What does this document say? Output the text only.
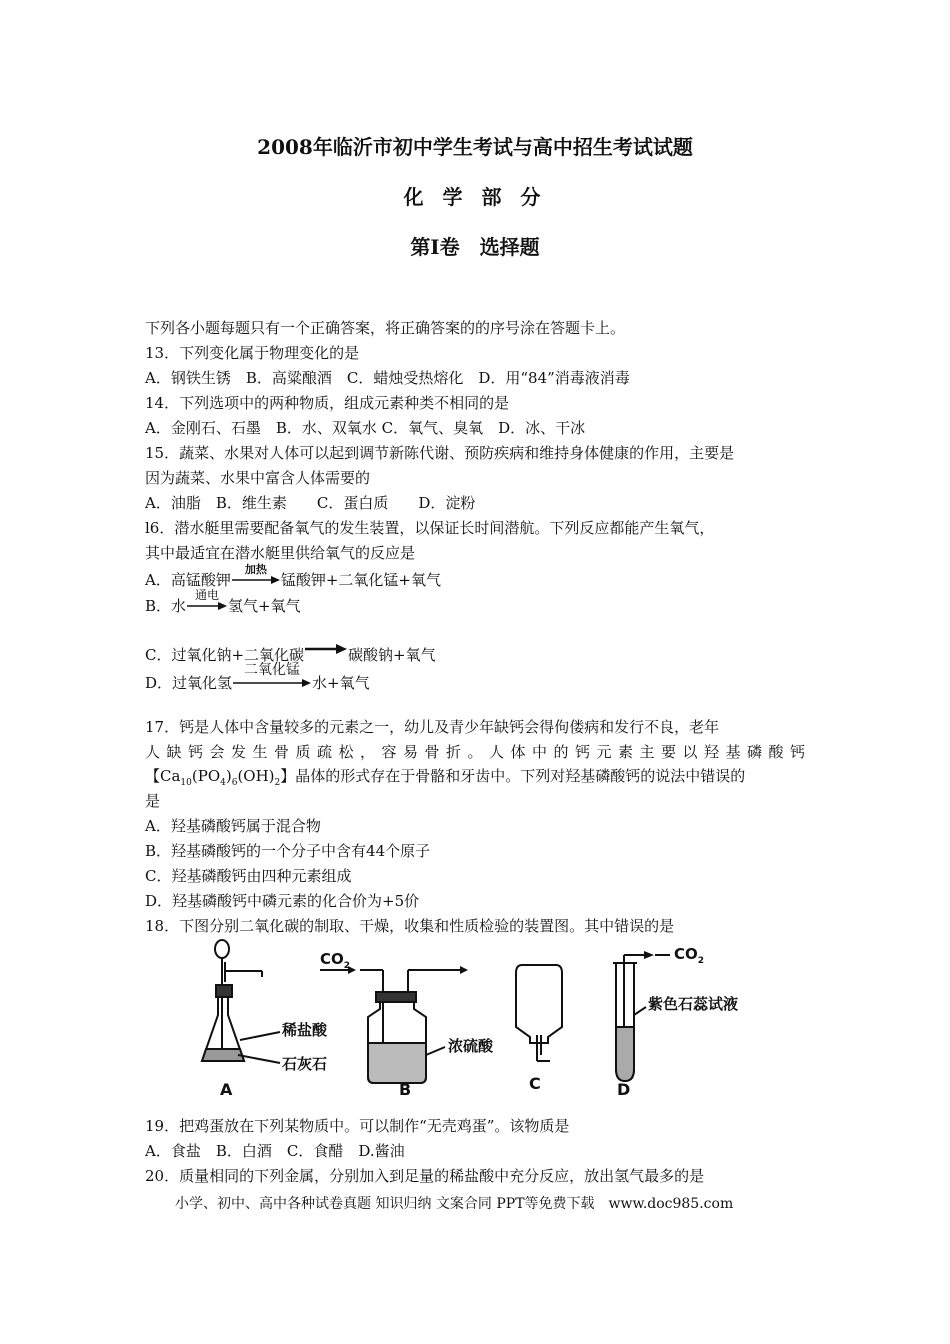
2008年临沂市初中学生考试与高中招生考试试题
化 学 部 分
第Ⅰ卷　选择题
下列各小题每题只有一个正确答案，将正确答案的的序号涂在答题卡上。
13．下列变化属于物理变化的是
A．钢铁生锈　B．高粱酿酒　C．蜡烛受热熔化　D．用“84”消毒液消毒
14．下列选项中的两种物质，组成元素种类不相同的是
A．金刚石、石墨　B．水、双氧水 C．氧气、臭氧　D．冰、干冰
15．蔬菜、水果对人体可以起到调节新陈代谢、预防疾病和维持身体健康的作用，主要是
因为蔬菜、水果中富含人体需要的
A．油脂　B．维生素　　C．蛋白质　　D．淀粉
l6．潜水艇里需要配备氧气的发生装置，以保证长时间潜航。下列反应都能产生氧气，
其中最适宜在潜水艇里供给氧气的反应是
A．高锰酸钾
加热
锰酸钾+二氧化锰+氧气
B．水
通电
氢气+氧气
C．过氧化钠+二氧化碳→碳酸钠+氧气
D．过氧化氢
二氧化锰
水+氧气
17．钙是人体中含量较多的元素之一，幼儿及青少年缺钙会得佝偻病和发行不良，老年
人缺钙会发生骨质疏松，容易骨折。人体中的钙元素主要以羟基磷酸钙
【$Ca_{10}(PO_4)_6(OH)_2$】晶体的形式存在于骨骼和牙齿中。下列对羟基磷酸钙的说法中错误的
是
A．羟基磷酸钙属于混合物
B．羟基磷酸钙的一个分子中含有44个原子
C．羟基磷酸钙由四种元素组成
D．羟基磷酸钙中磷元素的化合价为+5价
18．下图分别二氧化碳的制取、干燥，收集和性质检验的装置图。其中错误的是
$CO_2$
$CO_2$
稀盐酸
石灰石
浓硫酸
紫色石蕊试液
A	B	C	D
19．把鸡蛋放在下列某物质中。可以制作“无壳鸡蛋”。该物质是
A．食盐　B．白酒　C．食醋　D.酱油
20．质量相同的下列金属，分别加入到足量的稀盐酸中充分反应，放出氢气最多的是
小学、初中、高中各种试卷真题 知识归纳 文案合同 PPT等免费下载　www.doc985.com
